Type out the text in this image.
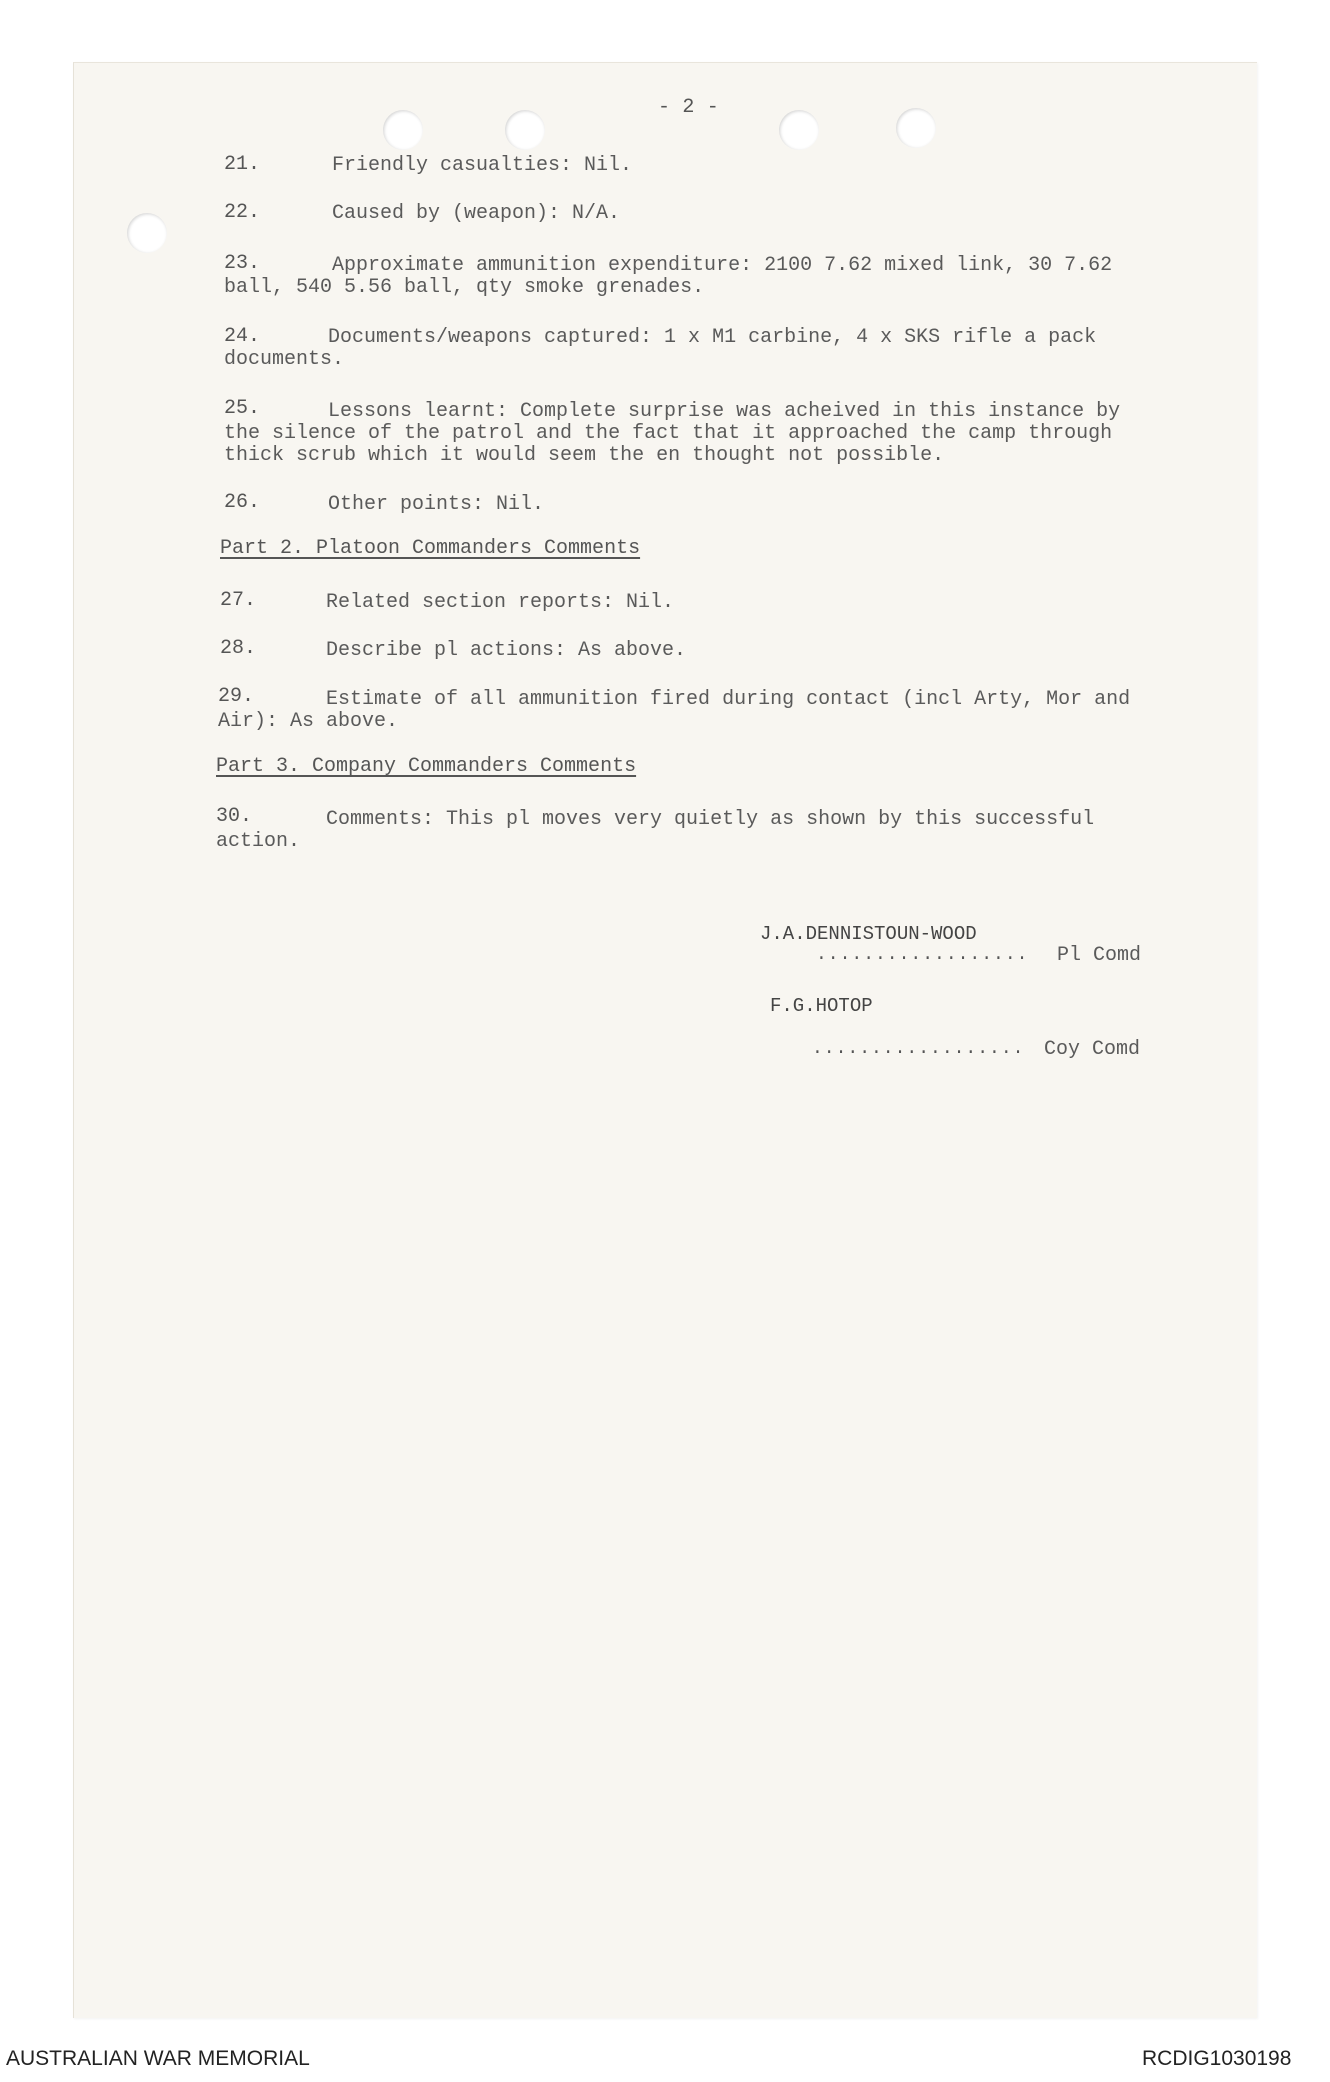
- 2 -
21.	Friendly casualties: Nil.
22.	Caused by (weapon): N/A.
23.	Approximate ammunition expenditure: 2100 7.62 mixed link, 30 7.62
ball, 540 5.56 ball, qty smoke grenades.
24.	Documents/weapons captured: 1 x M1 carbine, 4 x SKS rifle a pack
documents.
25.	Lessons learnt: Complete surprise was acheived in this instance by
the silence of the patrol and the fact that it approached the camp through
thick scrub which it would seem the en thought not possible.
26.	Other points: Nil.
Part 2. Platoon Commanders Comments
27.	Related section reports: Nil.
28.	Describe pl actions: As above.
29.	Estimate of all ammunition fired during contact (incl Arty, Mor and
Air): As above.
Part 3. Company Commanders Comments
30.	Comments: This pl moves very quietly as shown by this successful
action.
J.A.DENNISTOUN-WOOD
.................. Pl Comd
F.G.HOTOP
.................. Coy Comd
AUSTRALIAN WAR MEMORIAL	RCDIG1030198
